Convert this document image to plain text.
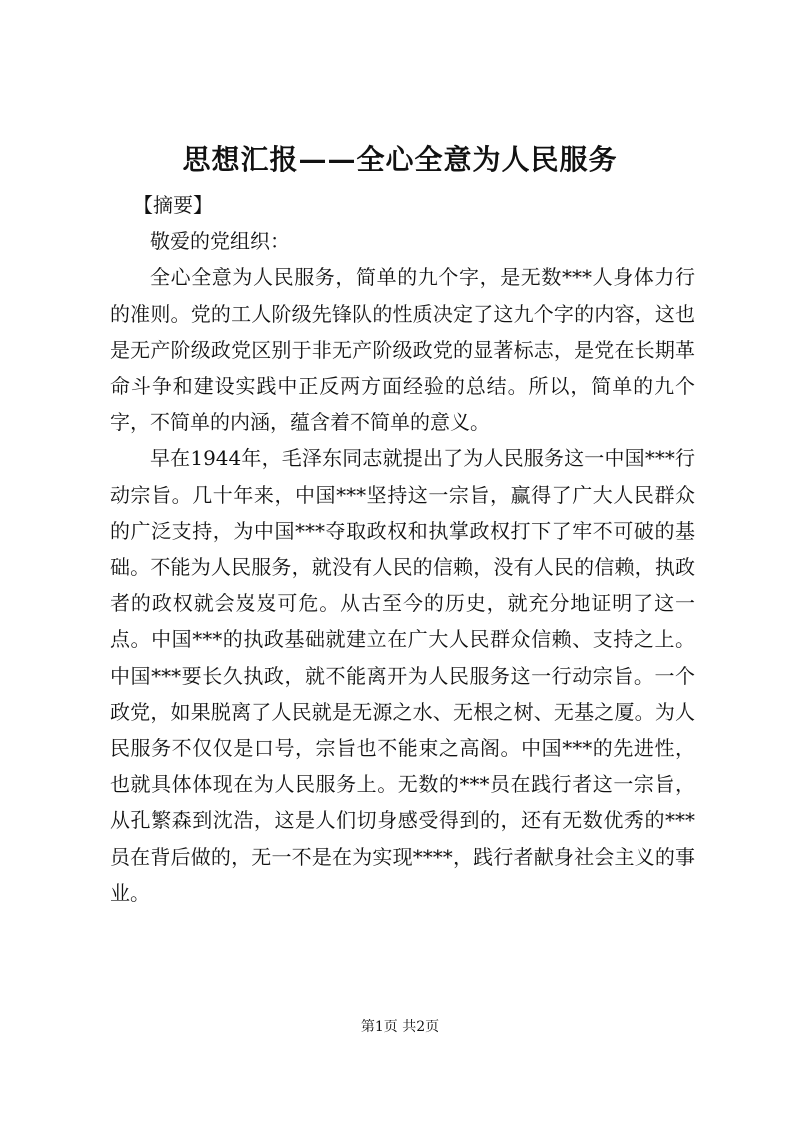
思想汇报——全心全意为人民服务

【摘要】

敬爱的党组织：

全心全意为人民服务，简单的九个字，是无数***人身体力行的准则。党的工人阶级先锋队的性质决定了这九个字的内容，这也是无产阶级政党区别于非无产阶级政党的显著标志，是党在长期革命斗争和建设实践中正反两方面经验的总结。所以，简单的九个字，不简单的内涵，蕴含着不简单的意义。

早在1944年，毛泽东同志就提出了为人民服务这一中国***行动宗旨。几十年来，中国***坚持这一宗旨，赢得了广大人民群众的广泛支持，为中国***夺取政权和执掌政权打下了牢不可破的基础。不能为人民服务，就没有人民的信赖，没有人民的信赖，执政者的政权就会岌岌可危。从古至今的历史，就充分地证明了这一点。中国***的执政基础就建立在广大人民群众信赖、支持之上。中国***要长久执政，就不能离开为人民服务这一行动宗旨。一个政党，如果脱离了人民就是无源之水、无根之树、无基之厦。为人民服务不仅仅是口号，宗旨也不能束之高阁。中国***的先进性，也就具体体现在为人民服务上。无数的***员在践行者这一宗旨，从孔繁森到沈浩，这是人们切身感受得到的，还有无数优秀的***员在背后做的，无一不是在为实现****，践行者献身社会主义的事业。

第1页 共2页
